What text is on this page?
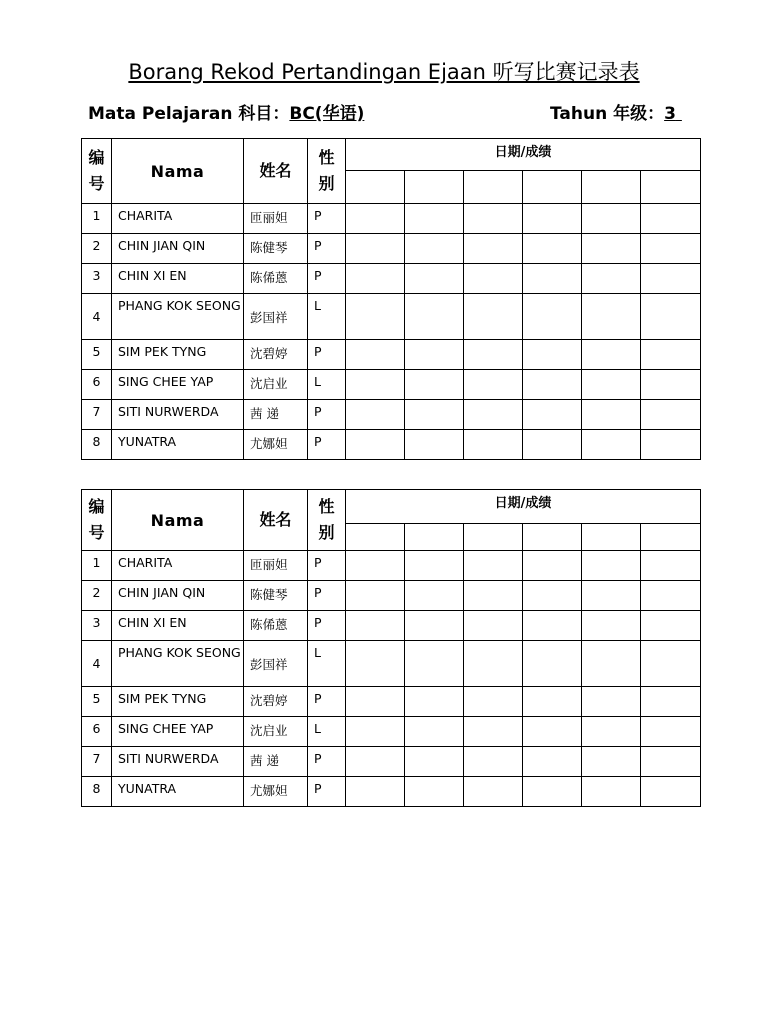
Borang Rekod Pertandingan Ejaan 听写比赛记录表
Mata Pelajaran 科目：BC(华语)	Tahun 年级：3
编
号	Nama	姓名	性
别	日期/成绩					

1	CHARITA	匝丽妲	P						
2	CHIN JIAN QIN	陈健琴	P						
3	CHIN XI EN	陈俙蒽	P						
4	PHANG KOK SEONG	彭国祥	L						
5	SIM PEK TYNG	沈碧婷	P						
6	SING CHEE YAP	沈启业	L						
7	SITI NURWERDA	茜 递	P						
8	YUNATRA	尤娜妲	P						
编
号	Nama	姓名	性
别	日期/成绩					

1	CHARITA	匝丽妲	P						
2	CHIN JIAN QIN	陈健琴	P						
3	CHIN XI EN	陈俙蒽	P						
4	PHANG KOK SEONG	彭国祥	L						
5	SIM PEK TYNG	沈碧婷	P						
6	SING CHEE YAP	沈启业	L						
7	SITI NURWERDA	茜 递	P						
8	YUNATRA	尤娜妲	P						
